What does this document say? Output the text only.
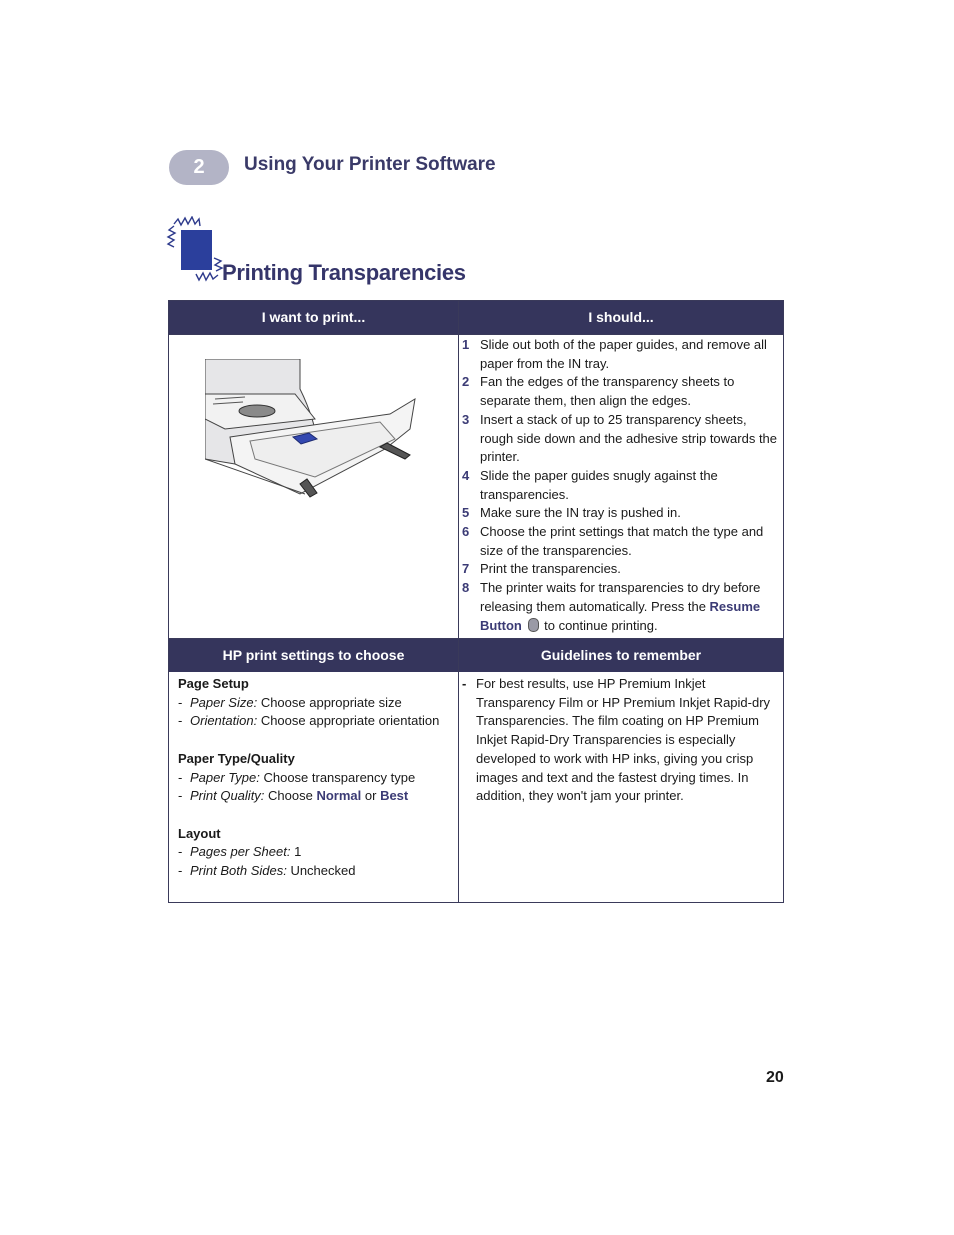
2	Using Your Printer Software
Printing Transparencies
I want to print...	I should...
1 Slide out both of the paper guides, and remove all paper from the IN tray.
2 Fan the edges of the transparency sheets to separate them, then align the edges.
3 Insert a stack of up to 25 transparency sheets, rough side down and the adhesive strip towards the printer.
4 Slide the paper guides snugly against the transparencies.
5 Make sure the IN tray is pushed in.
6 Choose the print settings that match the type and size of the transparencies.
7 Print the transparencies.
8 The printer waits for transparencies to dry before releasing them automatically. Press the Resume Button  to continue printing.
HP print settings to choose	Guidelines to remember
Page Setup
- Paper Size: Choose appropriate size
- Orientation: Choose appropriate orientation
Paper Type/Quality
- Paper Type: Choose transparency type
- Print Quality: Choose Normal or Best
Layout
- Pages per Sheet: 1
- Print Both Sides: Unchecked
- For best results, use HP Premium Inkjet Transparency Film or HP Premium Inkjet Rapid-dry Transparencies. The film coating on HP Premium Inkjet Rapid-Dry Transparencies is especially developed to work with HP inks, giving you crisp images and text and the fastest drying times. In addition, they won't jam your printer.
20
